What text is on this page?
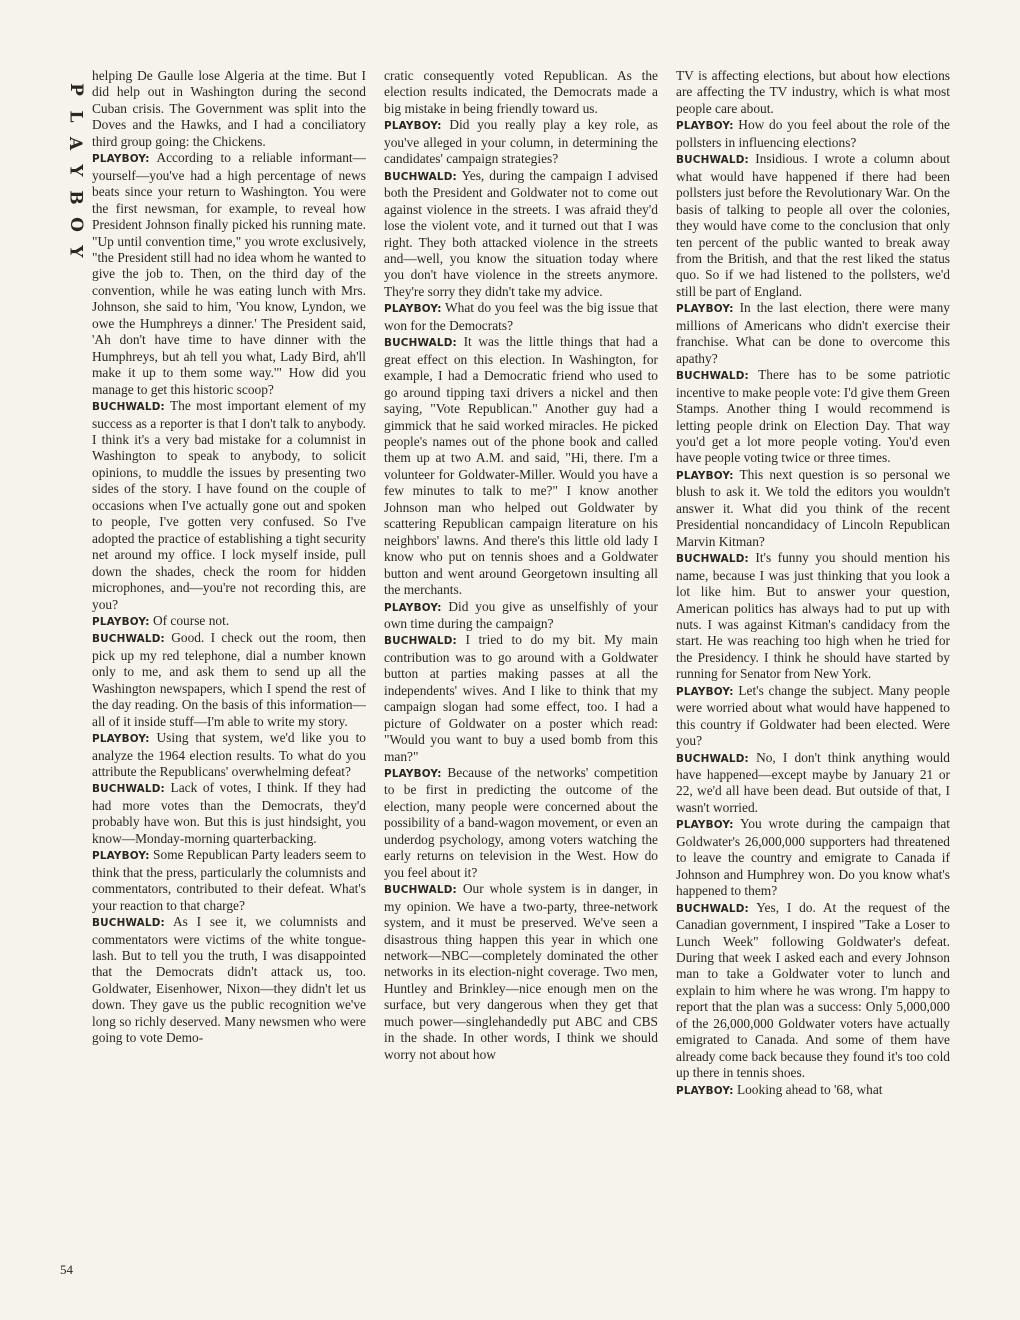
P
L
A
Y
B
O
Y

helping De Gaulle lose Algeria at the time. But I did help out in Washington during the second Cuban crisis. The Government was split into the Doves and the Hawks, and I had a conciliatory third group going: the Chickens.

PLAYBOY: According to a reliable informant—yourself—you've had a high percentage of news beats since your return to Washington. You were the first newsman, for example, to reveal how President Johnson finally picked his running mate. "Up until convention time," you wrote exclusively, "the President still had no idea whom he wanted to give the job to. Then, on the third day of the convention, while he was eating lunch with Mrs. Johnson, she said to him, 'You know, Lyndon, we owe the Humphreys a dinner.' The President said, 'Ah don't have time to have dinner with the Humphreys, but ah tell you what, Lady Bird, ah'll make it up to them some way.'" How did you manage to get this historic scoop?

BUCHWALD: The most important element of my success as a reporter is that I don't talk to anybody. I think it's a very bad mistake for a columnist in Washington to speak to anybody, to solicit opinions, to muddle the issues by presenting two sides of the story. I have found on the couple of occasions when I've actually gone out and spoken to people, I've gotten very confused. So I've adopted the practice of establishing a tight security net around my office. I lock myself inside, pull down the shades, check the room for hidden microphones, and—you're not recording this, are you?

PLAYBOY: Of course not.

BUCHWALD: Good. I check out the room, then pick up my red telephone, dial a number known only to me, and ask them to send up all the Washington newspapers, which I spend the rest of the day reading. On the basis of this information—all of it inside stuff—I'm able to write my story.

PLAYBOY: Using that system, we'd like you to analyze the 1964 election results. To what do you attribute the Republicans' overwhelming defeat?

BUCHWALD: Lack of votes, I think. If they had had more votes than the Democrats, they'd probably have won. But this is just hindsight, you know—Monday-morning quarterbacking.

PLAYBOY: Some Republican Party leaders seem to think that the press, particularly the columnists and commentators, contributed to their defeat. What's your reaction to that charge?

BUCHWALD: As I see it, we columnists and commentators were victims of the white tongue-lash. But to tell you the truth, I was disappointed that the Democrats didn't attack us, too. Goldwater, Eisenhower, Nixon—they didn't let us down. They gave us the public recognition we've long so richly deserved. Many newsmen who were going to vote Demo-

cratic consequently voted Republican. As the election results indicated, the Democrats made a big mistake in being friendly toward us.

PLAYBOY: Did you really play a key role, as you've alleged in your column, in determining the candidates' campaign strategies?

BUCHWALD: Yes, during the campaign I advised both the President and Goldwater not to come out against violence in the streets. I was afraid they'd lose the violent vote, and it turned out that I was right. They both attacked violence in the streets and—well, you know the situation today where you don't have violence in the streets anymore. They're sorry they didn't take my advice.

PLAYBOY: What do you feel was the big issue that won for the Democrats?

BUCHWALD: It was the little things that had a great effect on this election. In Washington, for example, I had a Democratic friend who used to go around tipping taxi drivers a nickel and then saying, "Vote Republican." Another guy had a gimmick that he said worked miracles. He picked people's names out of the phone book and called them up at two A.M. and said, "Hi, there. I'm a volunteer for Goldwater-Miller. Would you have a few minutes to talk to me?" I know another Johnson man who helped out Goldwater by scattering Republican campaign literature on his neighbors' lawns. And there's this little old lady I know who put on tennis shoes and a Goldwater button and went around Georgetown insulting all the merchants.

PLAYBOY: Did you give as unselfishly of your own time during the campaign?

BUCHWALD: I tried to do my bit. My main contribution was to go around with a Goldwater button at parties making passes at all the independents' wives. And I like to think that my campaign slogan had some effect, too. I had a picture of Goldwater on a poster which read: "Would you want to buy a used bomb from this man?"

PLAYBOY: Because of the networks' competition to be first in predicting the outcome of the election, many people were concerned about the possibility of a band-wagon movement, or even an underdog psychology, among voters watching the early returns on television in the West. How do you feel about it?

BUCHWALD: Our whole system is in danger, in my opinion. We have a two-party, three-network system, and it must be preserved. We've seen a disastrous thing happen this year in which one network—NBC—completely dominated the other networks in its election-night coverage. Two men, Huntley and Brinkley—nice enough men on the surface, but very dangerous when they get that much power—singlehandedly put ABC and CBS in the shade. In other words, I think we should worry not about how

TV is affecting elections, but about how elections are affecting the TV industry, which is what most people care about.

PLAYBOY: How do you feel about the role of the pollsters in influencing elections?

BUCHWALD: Insidious. I wrote a column about what would have happened if there had been pollsters just before the Revolutionary War. On the basis of talking to people all over the colonies, they would have come to the conclusion that only ten percent of the public wanted to break away from the British, and that the rest liked the status quo. So if we had listened to the pollsters, we'd still be part of England.

PLAYBOY: In the last election, there were many millions of Americans who didn't exercise their franchise. What can be done to overcome this apathy?

BUCHWALD: There has to be some patriotic incentive to make people vote: I'd give them Green Stamps. Another thing I would recommend is letting people drink on Election Day. That way you'd get a lot more people voting. You'd even have people voting twice or three times.

PLAYBOY: This next question is so personal we blush to ask it. We told the editors you wouldn't answer it. What did you think of the recent Presidential noncandidacy of Lincoln Republican Marvin Kitman?

BUCHWALD: It's funny you should mention his name, because I was just thinking that you look a lot like him. But to answer your question, American politics has always had to put up with nuts. I was against Kitman's candidacy from the start. He was reaching too high when he tried for the Presidency. I think he should have started by running for Senator from New York.

PLAYBOY: Let's change the subject. Many people were worried about what would have happened to this country if Goldwater had been elected. Were you?

BUCHWALD: No, I don't think anything would have happened—except maybe by January 21 or 22, we'd all have been dead. But outside of that, I wasn't worried.

PLAYBOY: You wrote during the campaign that Goldwater's 26,000,000 supporters had threatened to leave the country and emigrate to Canada if Johnson and Humphrey won. Do you know what's happened to them?

BUCHWALD: Yes, I do. At the request of the Canadian government, I inspired "Take a Loser to Lunch Week" following Goldwater's defeat. During that week I asked each and every Johnson man to take a Goldwater voter to lunch and explain to him where he was wrong. I'm happy to report that the plan was a success: Only 5,000,000 of the 26,000,000 Goldwater voters have actually emigrated to Canada. And some of them have already come back because they found it's too cold up there in tennis shoes.

PLAYBOY: Looking ahead to '68, what

54
